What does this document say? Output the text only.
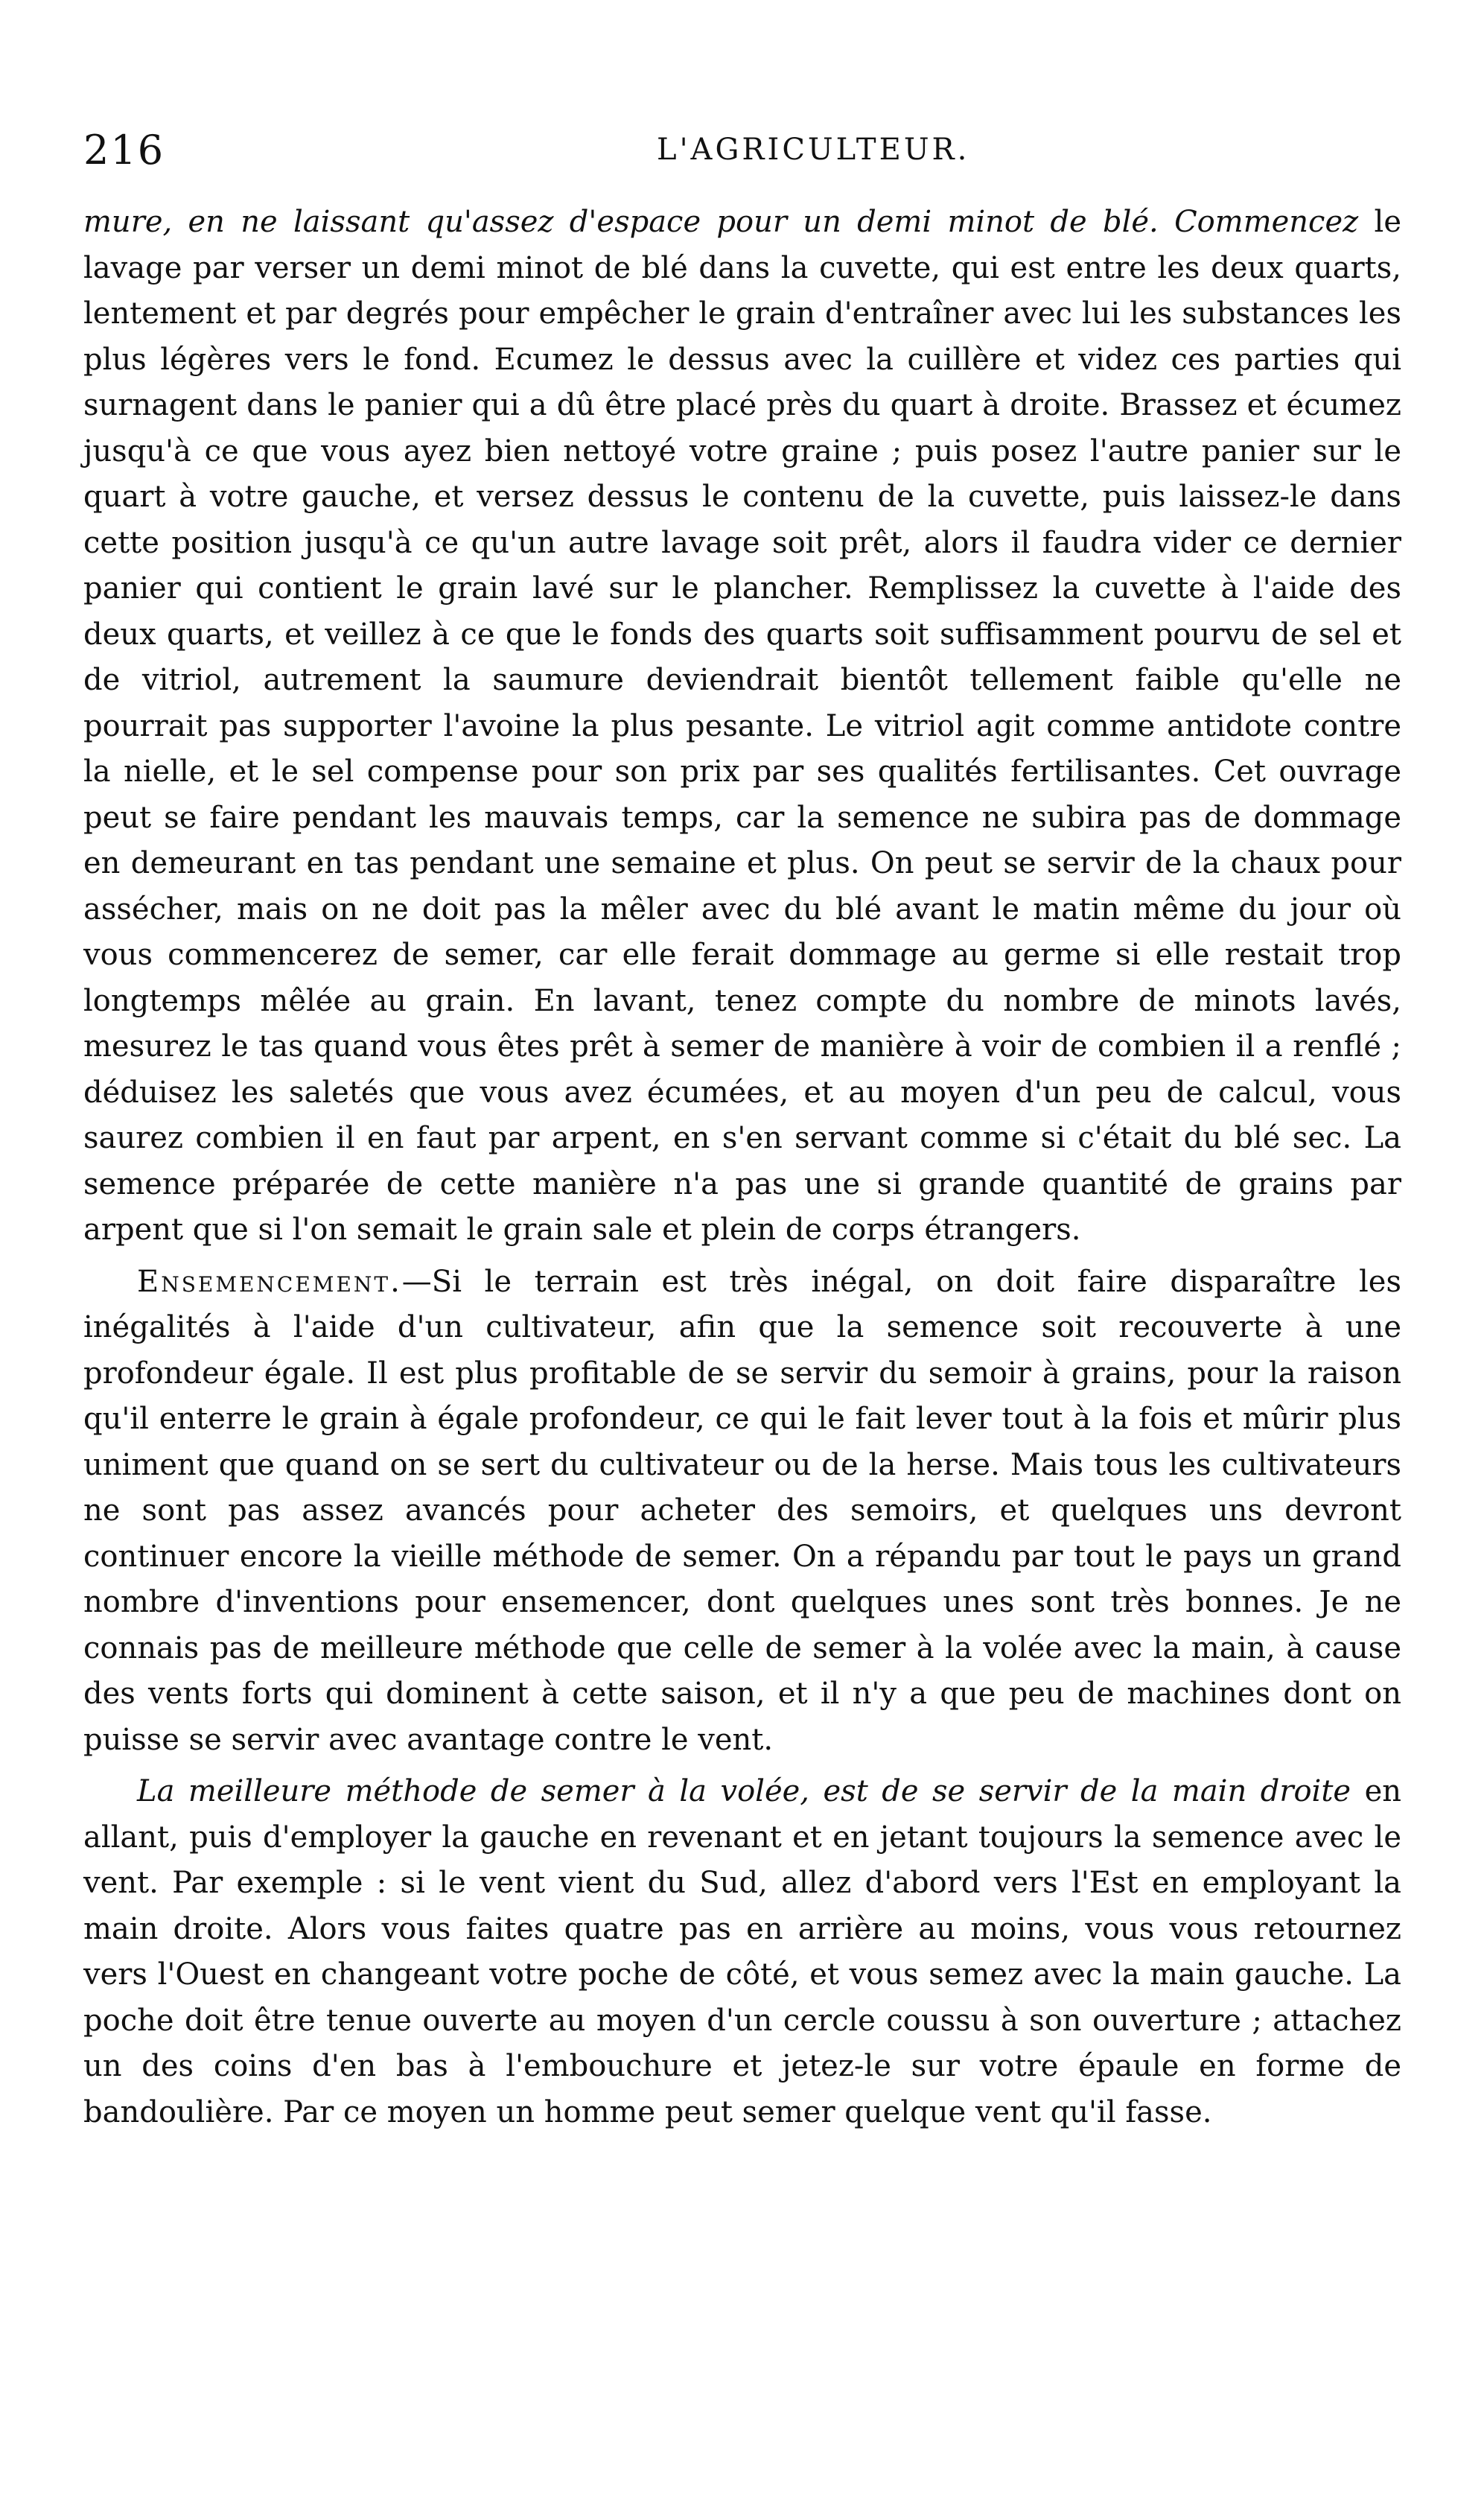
216	L'AGRICULTEUR.

mure, en ne laissant qu'assez d'espace pour un demi minot de blé. Commencez le lavage par verser un demi minot de blé dans la cuvette, qui est entre les deux quarts, lentement et par degrés pour empêcher le grain d'entraîner avec lui les substances les plus légères vers le fond. Ecumez le dessus avec la cuillère et videz ces parties qui surnagent dans le panier qui a dû être placé près du quart à droite. Brassez et écumez jusqu'à ce que vous ayez bien nettoyé votre graine ; puis posez l'autre panier sur le quart à votre gauche, et versez dessus le contenu de la cuvette, puis laissez-le dans cette position jusqu'à ce qu'un autre lavage soit prêt, alors il faudra vider ce dernier panier qui contient le grain lavé sur le plancher. Remplissez la cuvette à l'aide des deux quarts, et veillez à ce que le fonds des quarts soit suffisamment pourvu de sel et de vitriol, autrement la saumure deviendrait bientôt tellement faible qu'elle ne pourrait pas supporter l'avoine la plus pesante. Le vitriol agit comme antidote contre la nielle, et le sel compense pour son prix par ses qualités fertilisantes. Cet ouvrage peut se faire pendant les mauvais temps, car la semence ne subira pas de dommage en demeurant en tas pendant une semaine et plus. On peut se servir de la chaux pour assécher, mais on ne doit pas la mêler avec du blé avant le matin même du jour où vous commencerez de semer, car elle ferait dommage au germe si elle restait trop longtemps mêlée au grain. En lavant, tenez compte du nombre de minots lavés, mesurez le tas quand vous êtes prêt à semer de manière à voir de combien il a renflé ; déduisez les saletés que vous avez écumées, et au moyen d'un peu de calcul, vous saurez combien il en faut par arpent, en s'en servant comme si c'était du blé sec. La semence préparée de cette manière n'a pas une si grande quantité de grains par arpent que si l'on semait le grain sale et plein de corps étrangers.

Ensemencement.—Si le terrain est très inégal, on doit faire disparaître les inégalités à l'aide d'un cultivateur, afin que la semence soit recouverte à une profondeur égale. Il est plus profitable de se servir du semoir à grains, pour la raison qu'il enterre le grain à égale profondeur, ce qui le fait lever tout à la fois et mûrir plus uniment que quand on se sert du cultivateur ou de la herse. Mais tous les cultivateurs ne sont pas assez avancés pour acheter des semoirs, et quelques uns devront continuer encore la vieille méthode de semer. On a répandu par tout le pays un grand nombre d'inventions pour ensemencer, dont quelques unes sont très bonnes. Je ne connais pas de meilleure méthode que celle de semer à la volée avec la main, à cause des vents forts qui dominent à cette saison, et il n'y a que peu de machines dont on puisse se servir avec avantage contre le vent.

La meilleure méthode de semer à la volée, est de se servir de la main droite en allant, puis d'employer la gauche en revenant et en jetant toujours la semence avec le vent. Par exemple : si le vent vient du Sud, allez d'abord vers l'Est en employant la main droite. Alors vous faites quatre pas en arrière au moins, vous vous retournez vers l'Ouest en changeant votre poche de côté, et vous semez avec la main gauche. La poche doit être tenue ouverte au moyen d'un cercle coussu à son ouverture ; attachez un des coins d'en bas à l'embouchure et jetez-le sur votre épaule en forme de bandoulière. Par ce moyen un homme peut semer quelque vent qu'il fasse.
